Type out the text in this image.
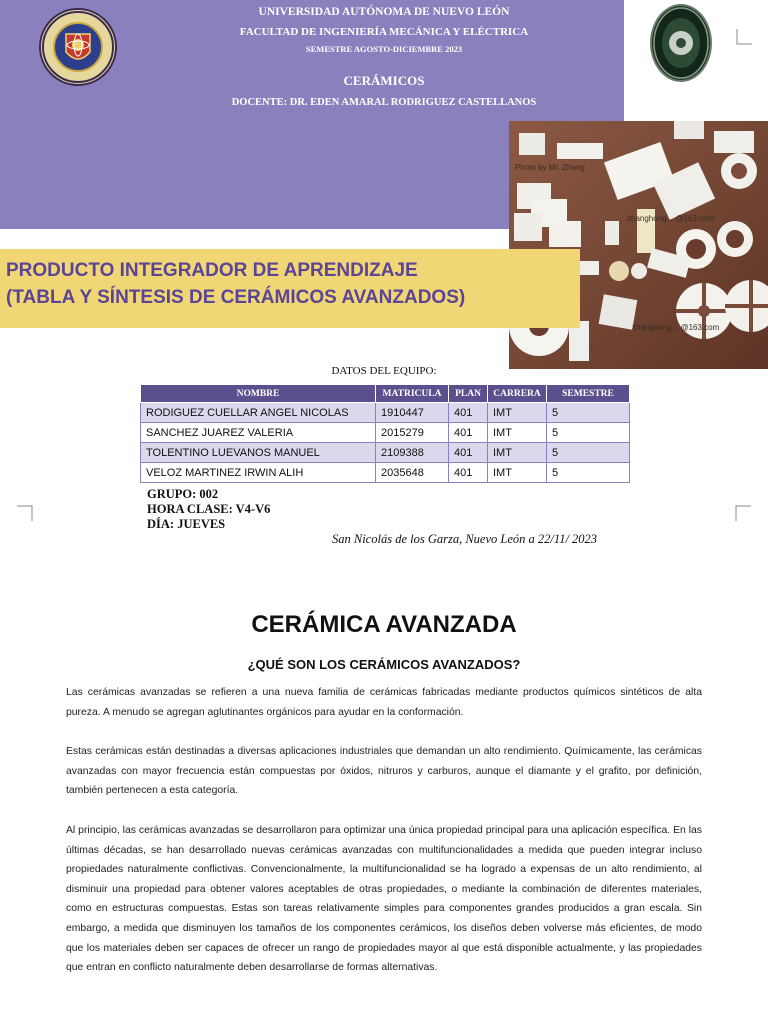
UNIVERSIDAD AUTÓNOMA DE NUEVO LEÓN
FACULTAD DE INGENIERÍA MECÁNICA Y ELÉCTRICA
SEMESTRE AGOSTO-DICIEMBRE 2023
CERÁMICOS
DOCENTE: DR. EDEN AMARAL RODRIGUEZ CASTELLANOS
Photo by Mr. Zhang
zhanghong....@163.com
zhanghong....@163.com
PRODUCTO INTEGRADOR DE APRENDIZAJE
(TABLA Y SÍNTESIS DE CERÁMICOS AVANZADOS)
DATOS DEL EQUIPO:
NOMBRE	MATRICULA	PLAN	CARRERA	SEMESTRE
RODIGUEZ CUELLAR ANGEL NICOLAS	1910447	401	IMT	5
SANCHEZ JUAREZ VALERIA	2015279	401	IMT	5
TOLENTINO LUEVANOS MANUEL	2109388	401	IMT	5
VELOZ MARTINEZ IRWIN ALIH	2035648	401	IMT	5
GRUPO: 002
HORA CLASE: V4-V6
DÍA: JUEVES
San Nicolás de los Garza, Nuevo León a 22/11/ 2023
CERÁMICA AVANZADA
¿QUÉ SON LOS CERÁMICOS AVANZADOS?
Las cerámicas avanzadas se refieren a una nueva familia de cerámicas fabricadas mediante productos químicos sintéticos de alta pureza. A menudo se agregan aglutinantes orgánicos para ayudar en la conformación.
Estas cerámicas están destinadas a diversas aplicaciones industriales que demandan un alto rendimiento. Químicamente, las cerámicas avanzadas con mayor frecuencia están compuestas por óxidos, nitruros y carburos, aunque el diamante y el grafito, por definición, también pertenecen a esta categoría.
Al principio, las cerámicas avanzadas se desarrollaron para optimizar una única propiedad principal para una aplicación específica. En las últimas décadas, se han desarrollado nuevas cerámicas avanzadas con multifuncionalidades a medida que pueden integrar incluso propiedades naturalmente conflictivas. Convencionalmente, la multifuncionalidad se ha logrado a expensas de un alto rendimiento, al disminuir una propiedad para obtener valores aceptables de otras propiedades, o mediante la combinación de diferentes materiales, como en estructuras compuestas. Estas son tareas relativamente simples para componentes grandes producidos a gran escala. Sin embargo, a medida que disminuyen los tamaños de los componentes cerámicos, los diseños deben volverse más eficientes, de modo que los materiales deben ser capaces de ofrecer un rango de propiedades mayor al que está disponible actualmente, y las propiedades que entran en conflicto naturalmente deben desarrollarse de formas alternativas.
